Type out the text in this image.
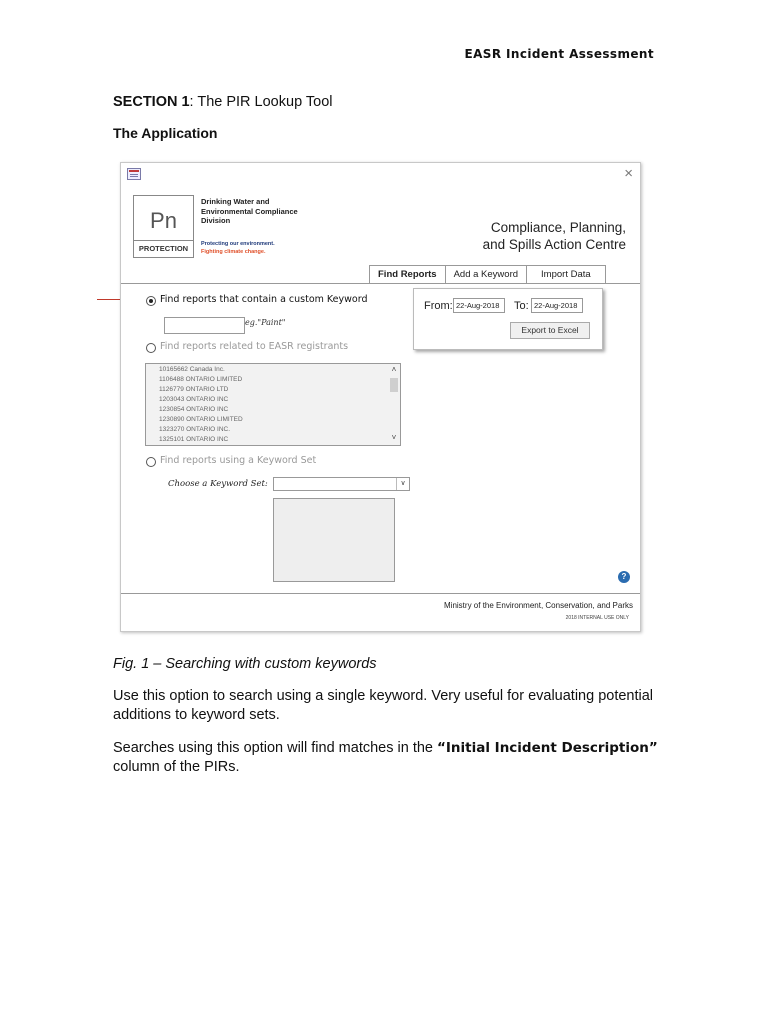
EASR Incident Assessment
SECTION 1: The PIR Lookup Tool
The Application
×
Pn
PROTECTION
Drinking Water and
Environmental Compliance
Division
Protecting our environment.
Fighting climate change.
Compliance, Planning,
and Spills Action Centre
Find Reports	Add a Keyword	Import Data
Find reports that contain a custom Keyword
eg."Paint"
Find reports related to EASR registrants
10165662 Canada Inc.
1106488 ONTARIO LIMITED
1126779 ONTARIO LTD
1203043 ONTARIO INC
1230854 ONTARIO INC
1230890 ONTARIO LIMITED
1323270 ONTARIO INC.
1325101 ONTARIO INC
˄
˅
Find reports using a Keyword Set
Choose a Keyword Set:	∨
From: 22-Aug-2018	To: 22-Aug-2018
Export to Excel
?
Ministry of the Environment, Conservation, and Parks
2018 INTERNAL USE ONLY
Fig. 1 – Searching with custom keywords
Use this option to search using a single keyword. Very useful for evaluating potential additions to keyword sets.
Searches using this option will find matches in the “Initial Incident Description”
column of the PIRs.
